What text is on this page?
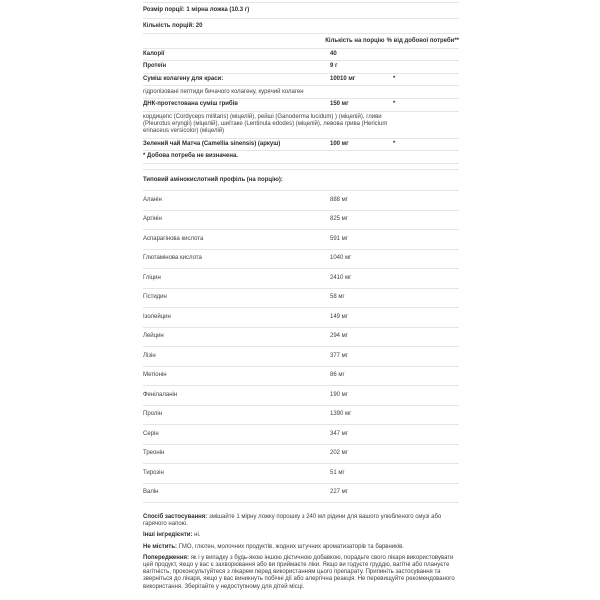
Розмір порції: 1 мірна ложка (10.3 г)
Кількість порцій: 20
Кількість на порцію % від добової потреби**
Калорії	40
Протеїн	9 г
Суміш колагену для краси:	10010 мг	*
гідролізовані пептиди бичачого колагену, курячий колаген
ДНК-протестована суміш грибів	150 мг	*
кордицепс (Cordyceps militaris) (міцелій), рейші (Ganoderma lucidum) ) (міцелій), гливи (Pleurotus eryngii) (міцелій), шиїтаке (Lentinula edodes) (міцелій), левова грива (Hericium erinaceus versicolor) (міцелій)
Зелений чай Матча (Camellia sinensis) (аркуш)	100 мг	*
* Добова потреба не визначена.
Типовий амінокислотний профіль (на порцію):
Аланін	888 мг
Аргінін	825 мг
Аспарагінова кислота	591 мг
Глютамінова кислота	1040 мг
Гліцин	2410 мг
Гістидин	58 мг
Ізолейцин	149 мг
Лейцин	294 мг
Лізін	377 мг
Метіонін	86 мг
Фенілаланін	190 мг
Пролін	1390 мг
Серін	347 мг
Треонін	202 мг
Тирозін	51 мг
Валін	227 мг
Спосіб застосування: змішайте 1 мірну ложку порошку з 240 мл рідини для вашого улюбленого смузі або гарячого напою.
Інші інгредієнти: ні.
Не містить: ГМО, глютен, молочних продуктів, жодних штучних ароматизаторів та барвників.
Попередження: як і у випадку з будь-якою іншою дієтичною добавкою, порадьте свого лікаря використовувати цей продукт, якщо у вас є захворювання або ви приймаєте ліки. Якщо ви годуєте груддю, вагітні або плануєте вагітність, проконсультуйтеся з лікарем перед використанням цього препарату. Припиніть застосування та зверніться до лікаря, якщо у вас виникнуть побічні дії або алергічна реакція. Не перевищуйте рекомендованого використання. Зберігайте у недоступному для дітей місці.
